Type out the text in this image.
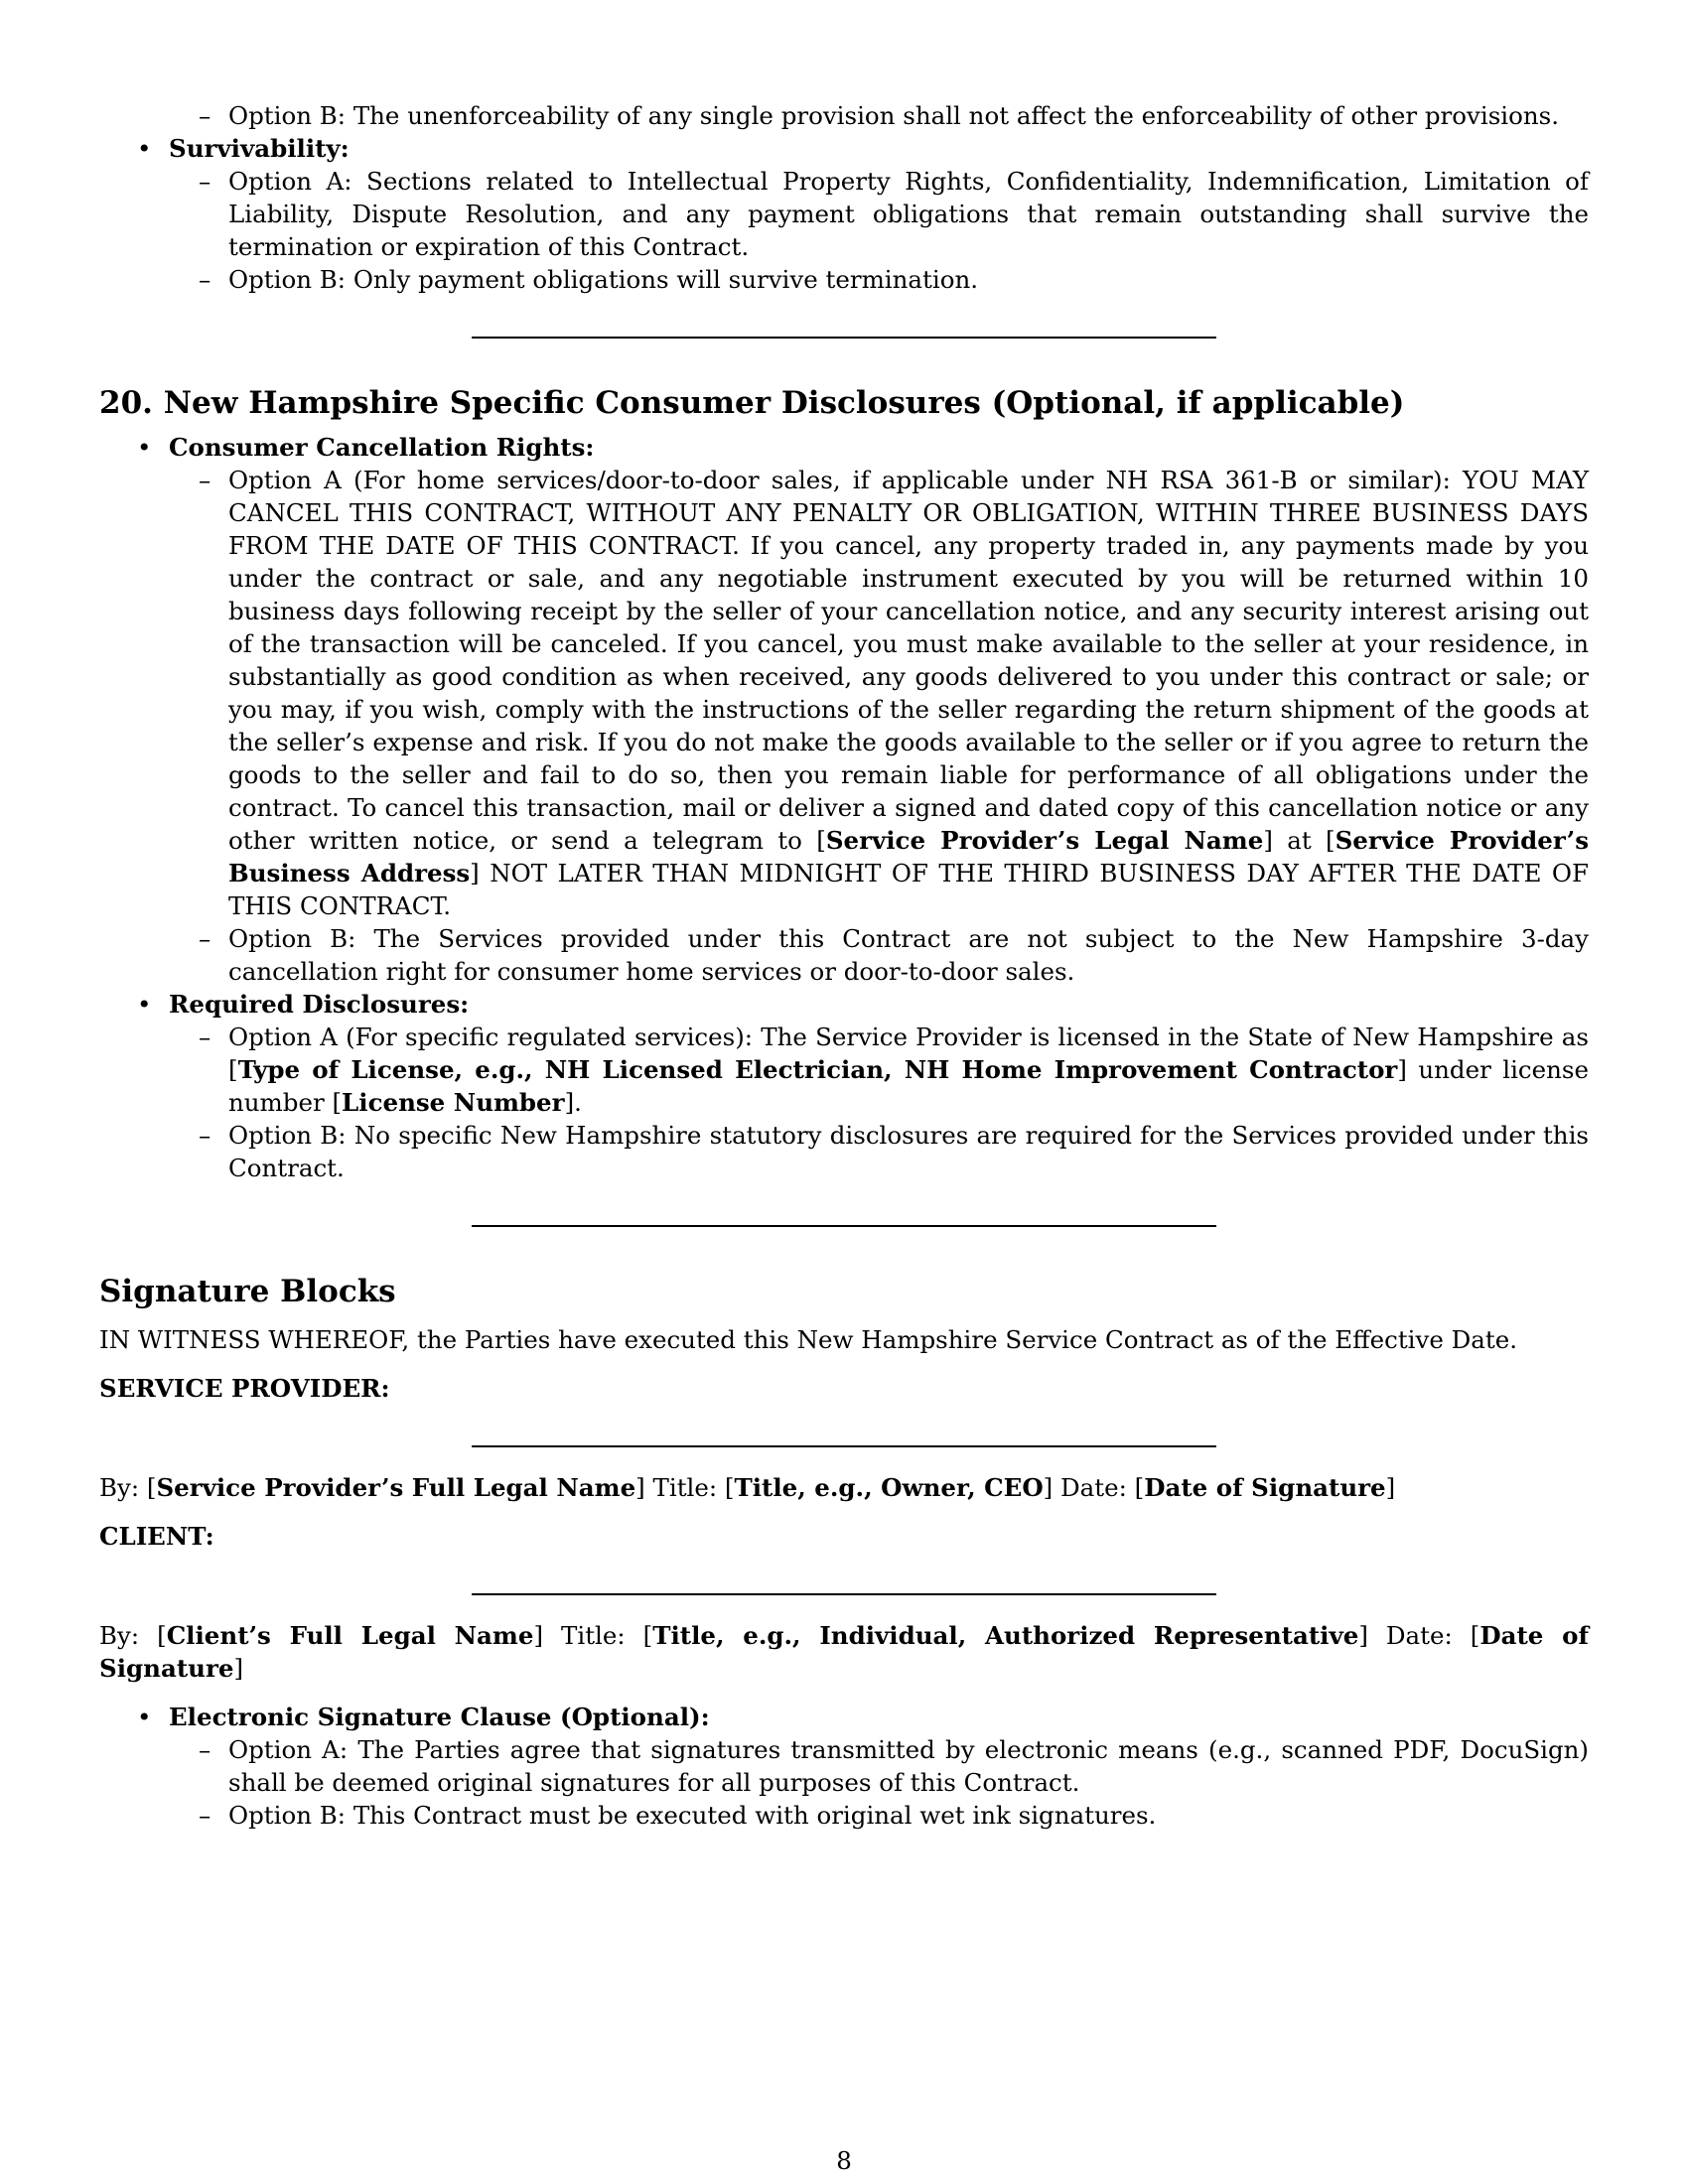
– Option B: The unenforceability of any single provision shall not affect the enforceability of other provisions.
• Survivability:
– Option A: Sections related to Intellectual Property Rights, Confidentiality, Indemnification, Limitation of Liability, Dispute Resolution, and any payment obligations that remain outstanding shall survive the termination or expiration of this Contract.
– Option B: Only payment obligations will survive termination.
20. New Hampshire Specific Consumer Disclosures (Optional, if applicable)
• Consumer Cancellation Rights:
– Option A (For home services/door-to-door sales, if applicable under NH RSA 361-B or similar): YOU MAY CANCEL THIS CONTRACT, WITHOUT ANY PENALTY OR OBLIGATION, WITHIN THREE BUSINESS DAYS FROM THE DATE OF THIS CONTRACT. If you cancel, any property traded in, any payments made by you under the contract or sale, and any negotiable instrument executed by you will be returned within 10 business days following receipt by the seller of your cancellation notice, and any security interest arising out of the transaction will be canceled. If you cancel, you must make available to the seller at your residence, in substantially as good condition as when received, any goods delivered to you under this contract or sale; or you may, if you wish, comply with the instructions of the seller regarding the return shipment of the goods at the seller’s expense and risk. If you do not make the goods available to the seller or if you agree to return the goods to the seller and fail to do so, then you remain liable for performance of all obligations under the contract. To cancel this transaction, mail or deliver a signed and dated copy of this cancellation notice or any other written notice, or send a telegram to [Service Provider’s Legal Name] at [Service Provider’s Business Address] NOT LATER THAN MIDNIGHT OF THE THIRD BUSINESS DAY AFTER THE DATE OF THIS CONTRACT.
– Option B: The Services provided under this Contract are not subject to the New Hampshire 3-day cancellation right for consumer home services or door-to-door sales.
• Required Disclosures:
– Option A (For specific regulated services): The Service Provider is licensed in the State of New Hampshire as [Type of License, e.g., NH Licensed Electrician, NH Home Improvement Contractor] under license number [License Number].
– Option B: No specific New Hampshire statutory disclosures are required for the Services provided under this Contract.
Signature Blocks
IN WITNESS WHEREOF, the Parties have executed this New Hampshire Service Contract as of the Effective Date.
SERVICE PROVIDER:
By: [Service Provider’s Full Legal Name] Title: [Title, e.g., Owner, CEO] Date: [Date of Signature]
CLIENT:
By: [Client’s Full Legal Name] Title: [Title, e.g., Individual, Authorized Representative] Date: [Date of Signature]
• Electronic Signature Clause (Optional):
– Option A: The Parties agree that signatures transmitted by electronic means (e.g., scanned PDF, DocuSign) shall be deemed original signatures for all purposes of this Contract.
– Option B: This Contract must be executed with original wet ink signatures.
8
